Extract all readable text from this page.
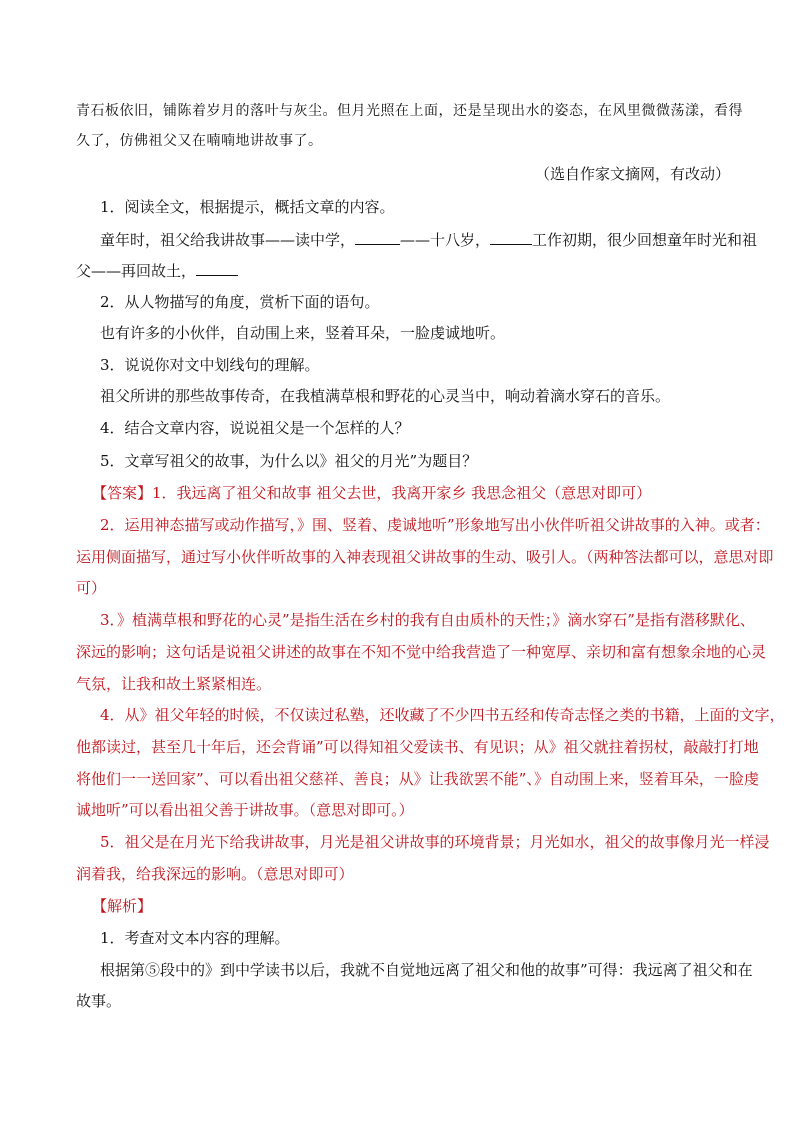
青石板依旧，铺陈着岁月的落叶与灰尘。但月光照在上面，还是呈现出水的姿态，在风里微微荡漾，看得
久了，仿佛祖父又在喃喃地讲故事了。
（选自作家文摘网，有改动）
1．阅读全文，根据提示，概括文章的内容。
童年时，祖父给我讲故事——读中学，	——十八岁，	工作初期，很少回想童年时光和祖
父——再回故土，
2．从人物描写的角度，赏析下面的语句。
也有许多的小伙伴，自动围上来，竖着耳朵，一脸虔诚地听。
3．说说你对文中划线句的理解。
祖父所讲的那些故事传奇，在我植满草根和野花的心灵当中，响动着滴水穿石的音乐。
4．结合文章内容，说说祖父是一个怎样的人？
5．文章写祖父的故事，为什么以》祖父的月光”为题目？
【答案】1．我远离了祖父和故事 祖父去世，我离开家乡 我思念祖父（意思对即可）
2．运用神态描写或动作描写，》围、竖着、虔诚地听”形象地写出小伙伴听祖父讲故事的入神。或者：
运用侧面描写，通过写小伙伴听故事的入神表现祖父讲故事的生动、吸引人。（两种答法都可以，意思对即
可）
3．》植满草根和野花的心灵”是指生活在乡村的我有自由质朴的天性；》滴水穿石”是指有潜移默化、
深远的影响；这句话是说祖父讲述的故事在不知不觉中给我营造了一种宽厚、亲切和富有想象余地的心灵
气氛，让我和故土紧紧相连。
4．从》祖父年轻的时候，不仅读过私塾，还收藏了不少四书五经和传奇志怪之类的书籍，上面的文字，
他都读过，甚至几十年后，还会背诵”可以得知祖父爱读书、有见识；从》祖父就拄着拐杖，敲敲打打地
将他们一一送回家”、可以看出祖父慈祥、善良；从》让我欲罢不能”、》自动围上来，竖着耳朵，一脸虔
诚地听”可以看出祖父善于讲故事。（意思对即可。）
5．祖父是在月光下给我讲故事，月光是祖父讲故事的环境背景；月光如水，祖父的故事像月光一样浸
润着我，给我深远的影响。（意思对即可）
【解析】
1．考查对文本内容的理解。
根据第⑤段中的》到中学读书以后，我就不自觉地远离了祖父和他的故事”可得：我远离了祖父和在
故事。
